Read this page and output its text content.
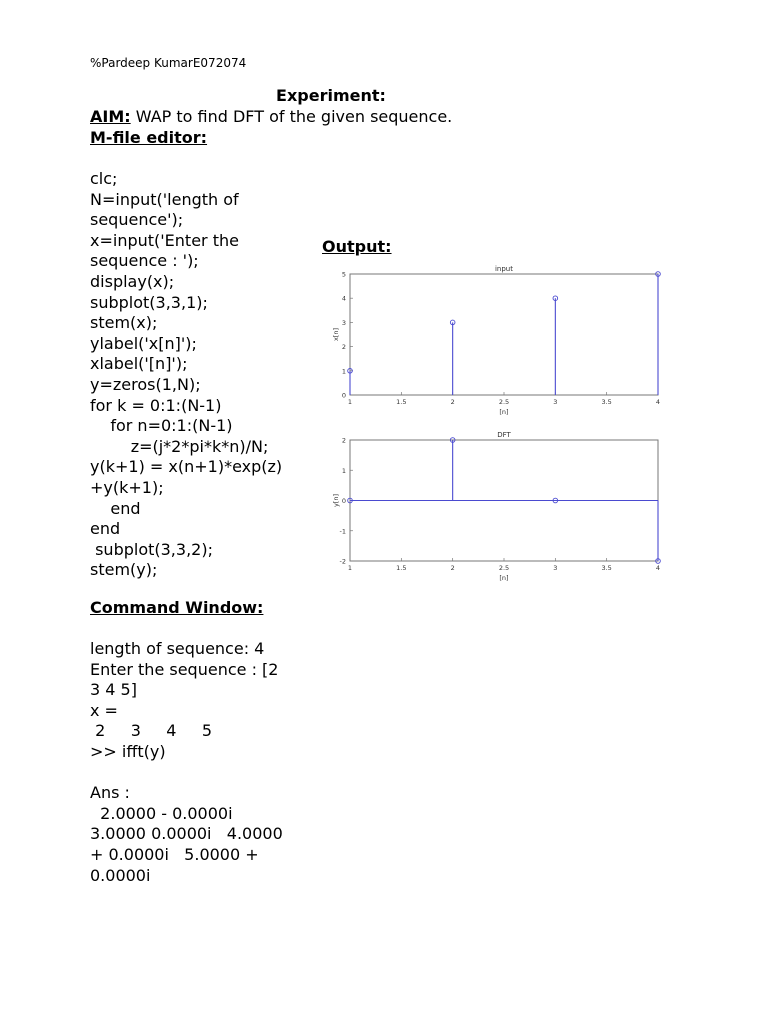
%Pardeep KumarE072074
Experiment:
AIM: WAP to find DFT of the given sequence.
M-file editor:
clc;
N=input('length of
sequence');
x=input('Enter the
sequence : ');
display(x);
subplot(3,3,1);
stem(x);
ylabel('x[n]');
xlabel('[n]');
y=zeros(1,N);
for k = 0:1:(N-1)
for n=0:1:(N-1)
z=(j*2*pi*k*n)/N;
y(k+1) = x(n+1)*exp(z)
+y(k+1);
end
end
subplot(3,3,2);
stem(y);
Command Window:
length of sequence: 4
Enter the sequence : [2
3 4 5]
x =
2     3     4     5
>> ifft(y)

Ans :
2.0000 - 0.0000i
3.0000 0.0000i   4.0000
+ 0.0000i   5.0000 +
0.0000i
Output:
input
1	1.5	2	2.5	3	3.5	4
0
1
2
3
4
5
[n]
x[n]
DFT
1	1.5	2	2.5	3	3.5	4
-2
-1
0
1
2
[n]
y[n]
